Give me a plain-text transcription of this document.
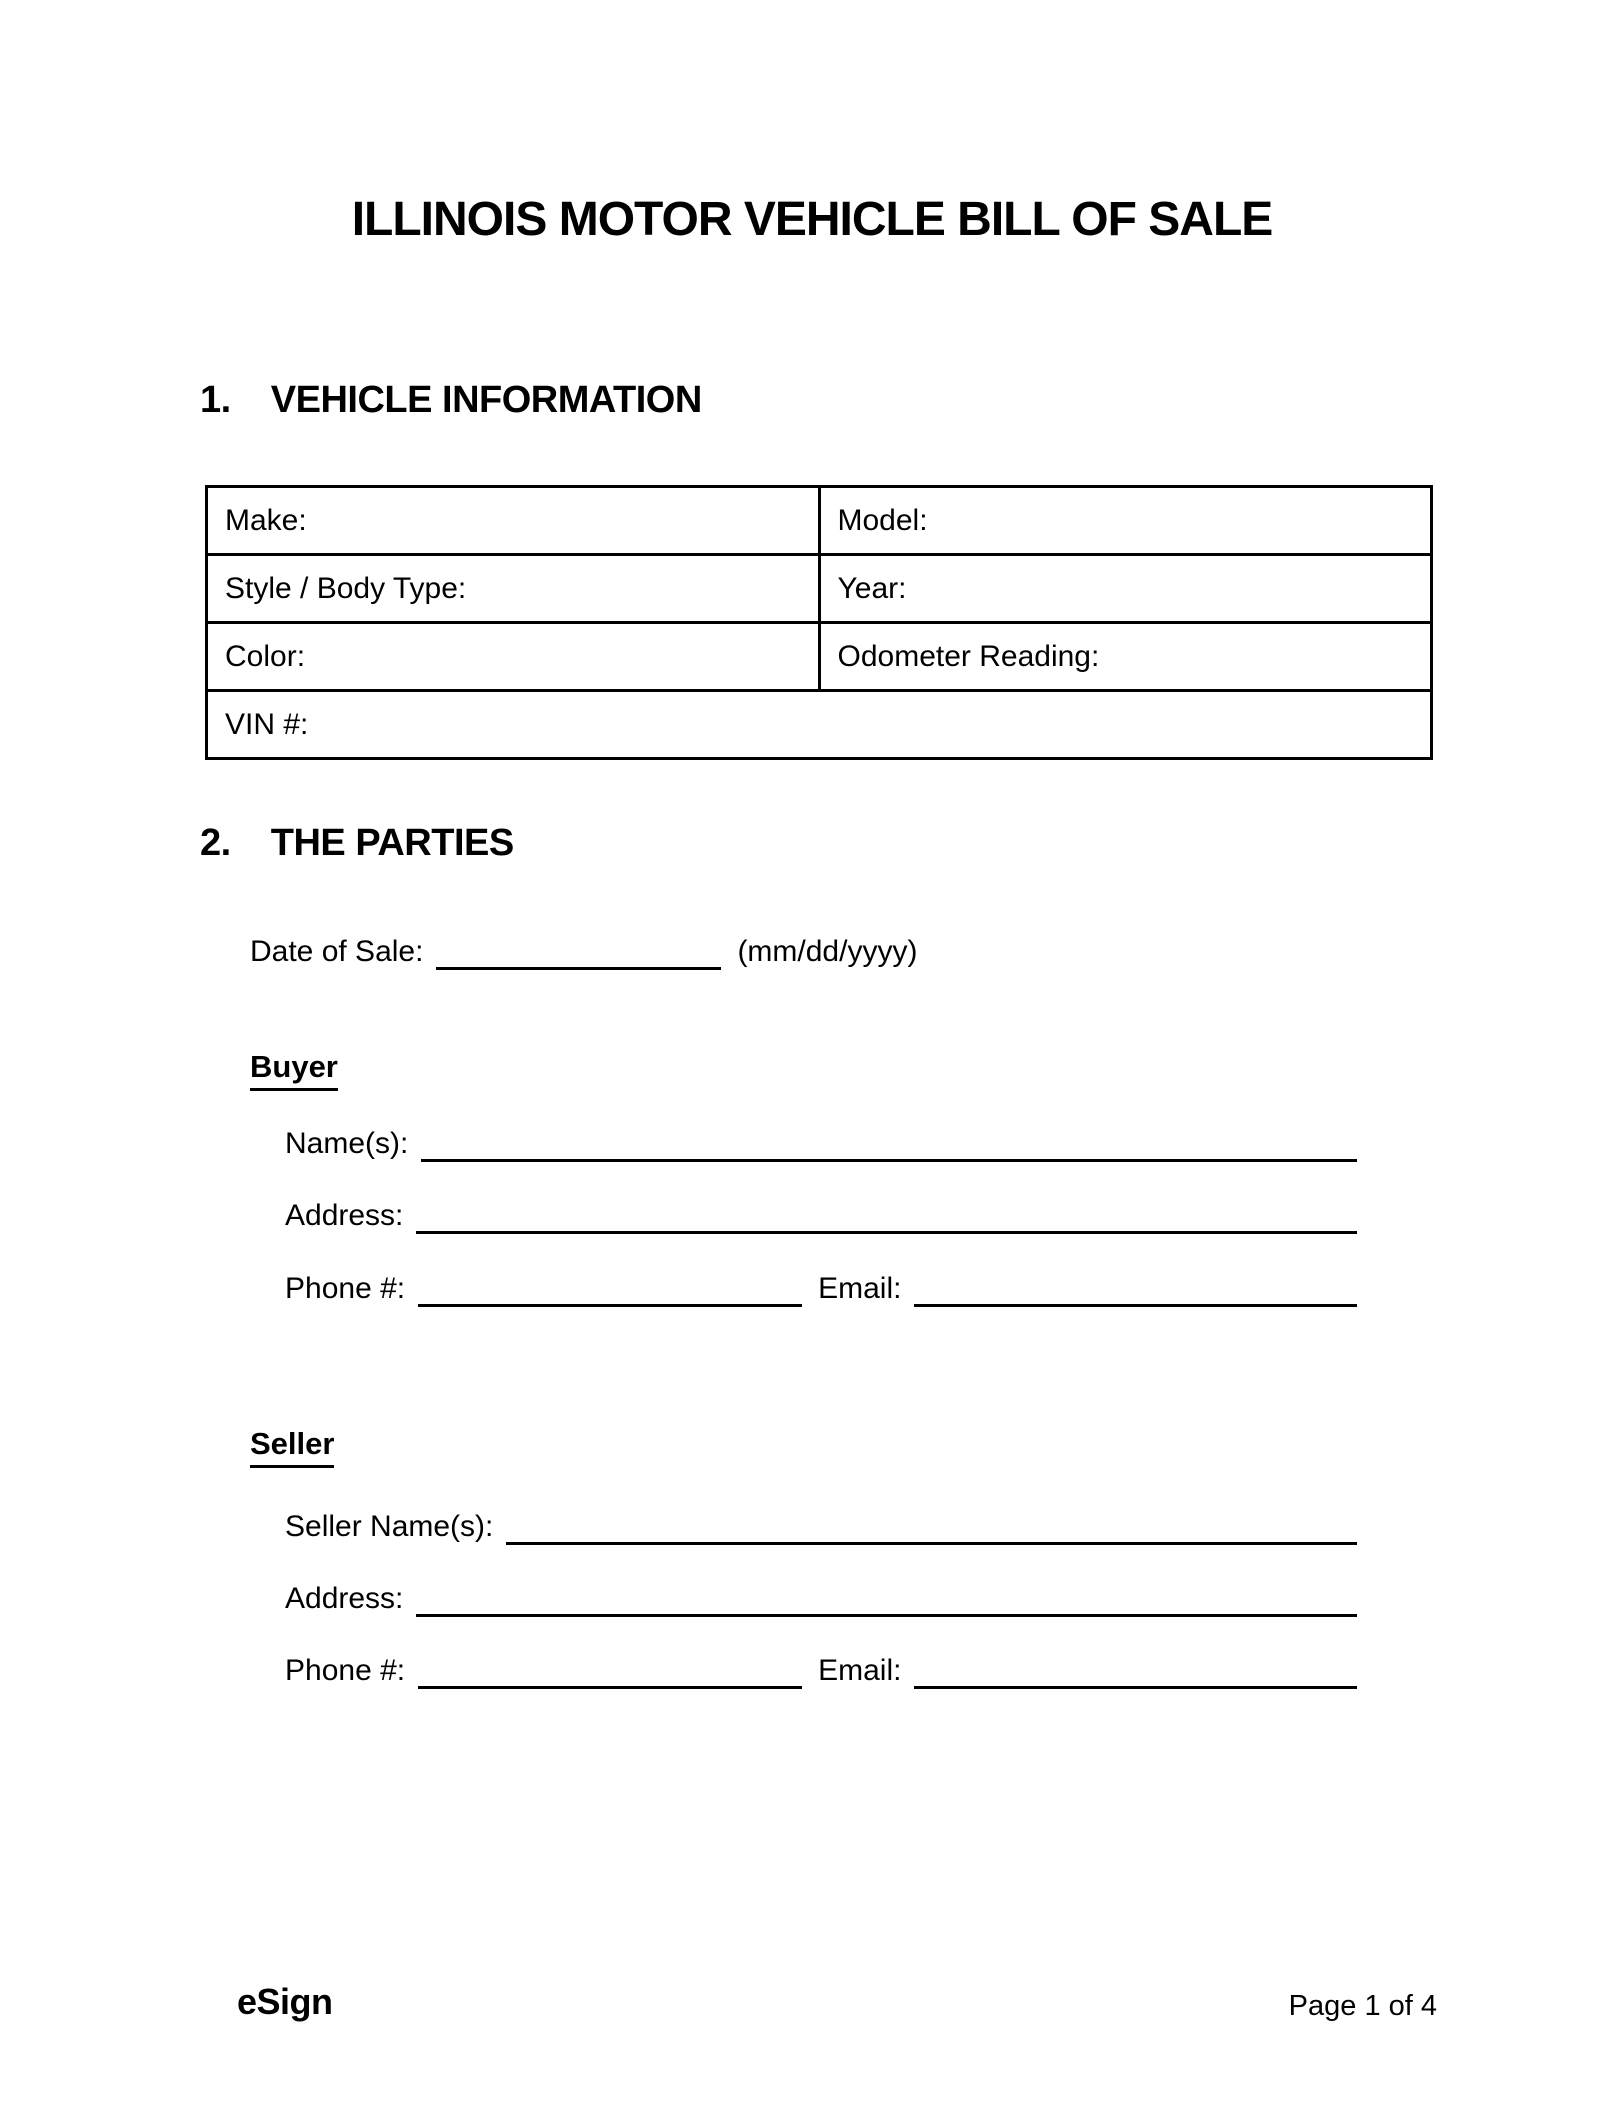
ILLINOIS MOTOR VEHICLE BILL OF SALE
1. VEHICLE INFORMATION
Make:	Model:
Style / Body Type:	Year:
Color:	Odometer Reading:
VIN #:
2. THE PARTIES
Date of Sale:	(mm/dd/yyyy)
Buyer
Name(s):
Address:
Phone #:	Email:
Seller
Seller Name(s):
Address:
Phone #:	Email:
eSign	Page 1 of 4
